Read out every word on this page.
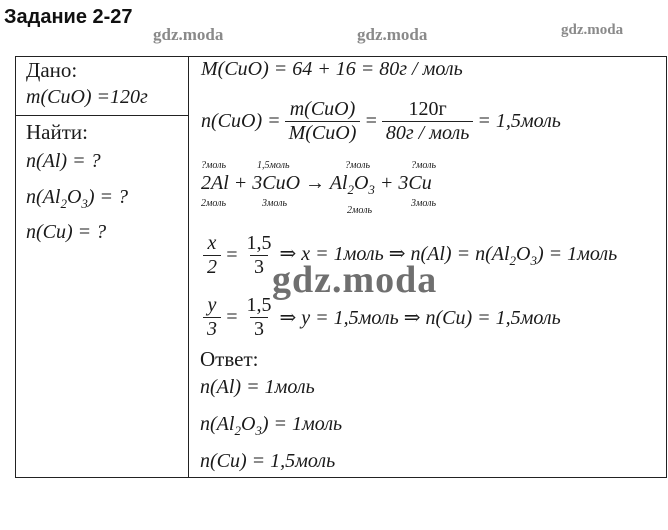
Задание 2-27
gdz.moda	gdz.moda	gdz.moda
Дано:
m(CuO) =120г
Найти:
n(Al) = ?
$n(Al_2O_3)$ = ?
n(Cu) = ?
M(CuO) = 64 + 16 = 80г / моль
$n(CuO) = \frac{\text{m(CuO)}}{\text{M(CuO)}} = \frac{120г}{\text{80г / моль}}$ = 1,5моль
?моль	1,5моль	?моль	?моль
$2Al + 3CuO \to Al_2O_3 + 3Cu$
2моль	3моль	3моль
2моль
$\frac{x}{2} = \frac{1,5}{3}$ ⇒ x = 1моль ⇒ $n(Al) = n(Al_2O_3)$ = 1моль
gdz.moda
$\frac{y}{3} = \frac{1,5}{3}$ ⇒ y = 1,5моль ⇒ n(Cu) = 1,5моль
Ответ:
n(Al) = 1моль
$n(Al_2O_3)$ = 1моль
n(Cu) = 1,5моль
